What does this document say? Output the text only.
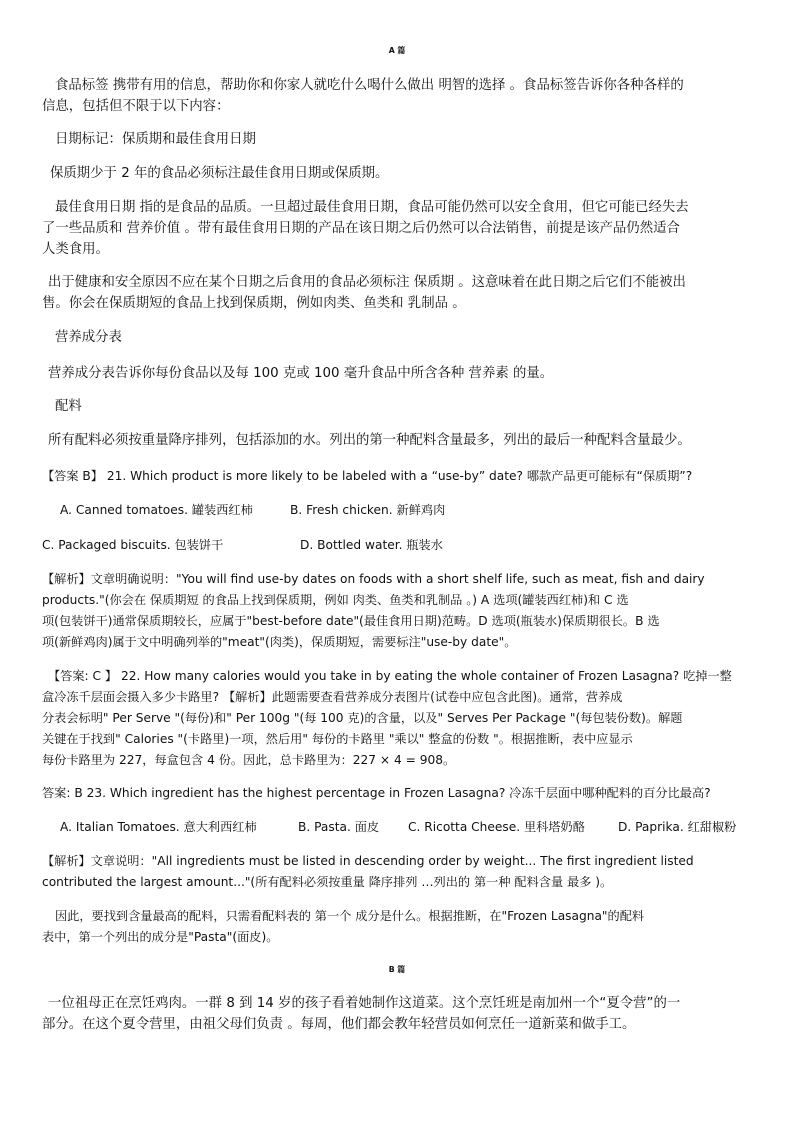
A 篇
食品标签 携带有用的信息，帮助你和你家人就吃什么喝什么做出 明智的选择 。食品标签告诉你各种各样的
信息，包括但不限于以下内容：
日期标记：保质期和最佳食用日期
保质期少于 2 年的食品必须标注最佳食用日期或保质期。
最佳食用日期 指的是食品的品质。一旦超过最佳食用日期，食品可能仍然可以安全食用，但它可能已经失去
了一些品质和 营养价值 。带有最佳食用日期的产品在该日期之后仍然可以合法销售，前提是该产品仍然适合
人类食用。
出于健康和安全原因不应在某个日期之后食用的食品必须标注 保质期 。这意味着在此日期之后它们不能被出
售。你会在保质期短的食品上找到保质期，例如肉类、鱼类和 乳制品 。
营养成分表
营养成分表告诉你每份食品以及每 100 克或 100 毫升食品中所含各种 营养素 的量。
配料
所有配料必须按重量降序排列，包括添加的水。列出的第一种配料含量最多，列出的最后一种配料含量最少。
【答案 B】 21. Which product is more likely to be labeled with a “use-by” date? 哪款产品更可能标有“保质期”?
A. Canned tomatoes. 罐装西红柿	B. Fresh chicken. 新鲜鸡肉
C. Packaged biscuits. 包装饼干	D. Bottled water. 瓶装水
【解析】文章明确说明："You will find use-by dates on foods with a short shelf life, such as meat, fish and dairy
products."(你会在 保质期短 的食品上找到保质期，例如 肉类、鱼类和乳制品 。) A 选项(罐装西红柿)和 C 选
项(包装饼干)通常保质期较长，应属于"best-before date"(最佳食用日期)范畴。D 选项(瓶装水)保质期很长。B 选
项(新鲜鸡肉)属于文中明确列举的"meat"(肉类)，保质期短，需要标注"use-by date"。
【答案: C 】 22. How many calories would you take in by eating the whole container of Frozen Lasagna? 吃掉一整
盒冷冻千层面会摄入多少卡路里? 【解析】此题需要查看营养成分表图片(试卷中应包含此图)。通常，营养成
分表会标明" Per Serve "(每份)和" Per 100g "(每 100 克)的含量，以及" Serves Per Package "(每包装份数)。解题
关键在于找到" Calories "(卡路里)一项，然后用" 每份的卡路里 "乘以" 整盒的份数 "。根据推断，表中应显示
每份卡路里为 227，每盒包含 4 份。因此，总卡路里为：227 × 4 = 908。
答案: B 23. Which ingredient has the highest percentage in Frozen Lasagna? 冷冻千层面中哪种配料的百分比最高?
A. Italian Tomatoes. 意大利西红柿	B. Pasta. 面皮 C. Ricotta Cheese. 里科塔奶酪	D. Paprika. 红甜椒粉
【解析】文章说明："All ingredients must be listed in descending order by weight... The first ingredient listed
contributed the largest amount..."(所有配料必须按重量 降序排列 …列出的 第一种 配料含量 最多 )。
因此，要找到含量最高的配料，只需看配料表的 第一个 成分是什么。根据推断，在"Frozen Lasagna"的配料
表中，第一个列出的成分是"Pasta"(面皮)。
B 篇
一位祖母正在烹饪鸡肉。一群 8 到 14 岁的孩子看着她制作这道菜。这个烹饪班是南加州一个“夏令营”的一
部分。在这个夏令营里，由祖父母们负责 。每周，他们都会教年轻营员如何烹任一道新菜和做手工。
